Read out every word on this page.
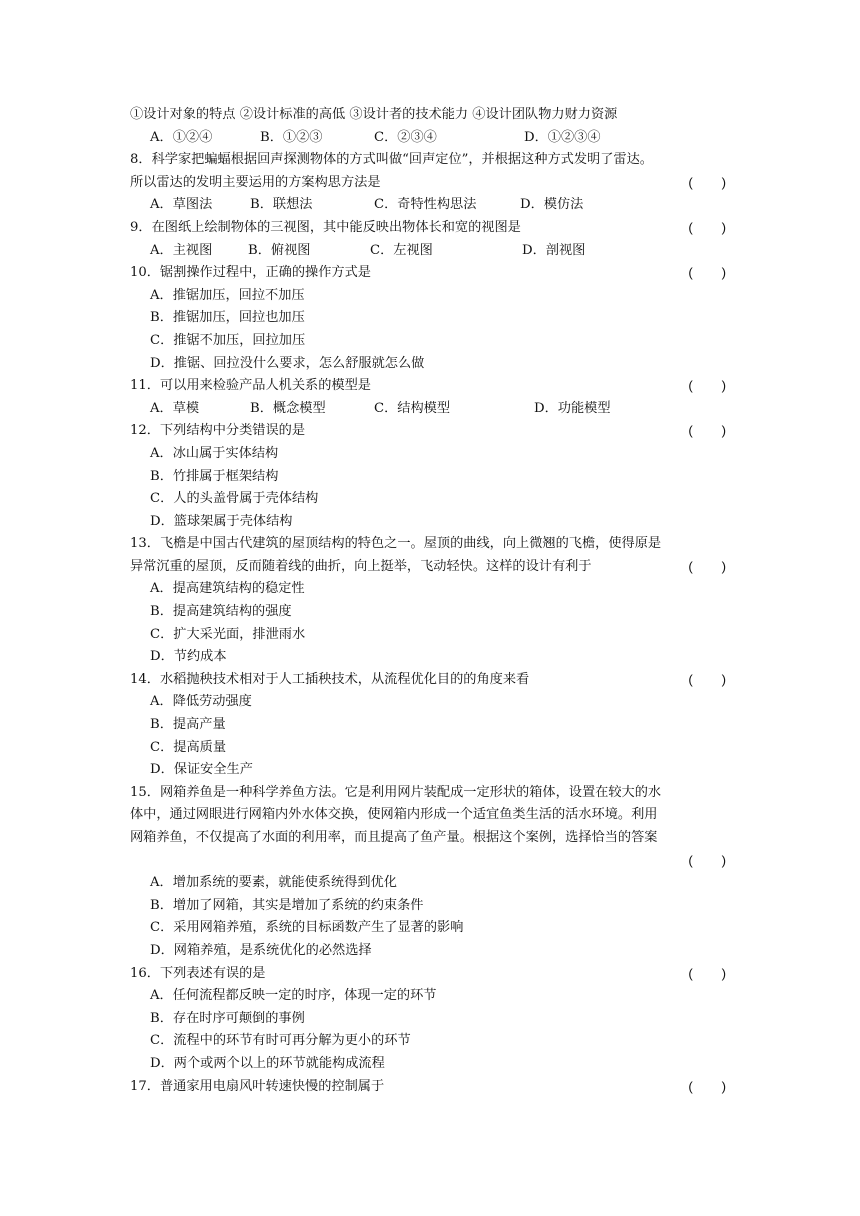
①设计对象的特点 ②设计标准的高低 ③设计者的技术能力 ④设计团队物力财力资源
A．①②④	B．①②③	C．②③④	D．①②③④
8．科学家把蝙蝠根据回声探测物体的方式叫做“回声定位”，并根据这种方式发明了雷达。
所以雷达的发明主要运用的方案构思方法是	(　 )
A．草图法	B．联想法	C．奇特性构思法	D．模仿法
9．在图纸上绘制物体的三视图，其中能反映出物体长和宽的视图是	(　 )
A．主视图	B．俯视图	C．左视图	D．剖视图
10．锯割操作过程中，正确的操作方式是	(　 )
A．推锯加压，回拉不加压
B．推锯加压，回拉也加压
C．推锯不加压，回拉加压
D．推锯、回拉没什么要求，怎么舒服就怎么做
11．可以用来检验产品人机关系的模型是	(　 )
A．草模	B．概念模型	C．结构模型	D．功能模型
12．下列结构中分类错误的是	(　 )
A．冰山属于实体结构
B．竹排属于框架结构
C．人的头盖骨属于壳体结构
D．篮球架属于壳体结构
13．飞檐是中国古代建筑的屋顶结构的特色之一。屋顶的曲线，向上微翘的飞檐，使得原是
异常沉重的屋顶，反而随着线的曲折，向上挺举，飞动轻快。这样的设计有利于	(　 )
A．提高建筑结构的稳定性
B．提高建筑结构的强度
C．扩大采光面，排泄雨水
D．节约成本
14．水稻抛秧技术相对于人工插秧技术，从流程优化目的的角度来看	(　 )
A．降低劳动强度
B．提高产量
C．提高质量
D．保证安全生产
15．网箱养鱼是一种科学养鱼方法。它是利用网片装配成一定形状的箱体，设置在较大的水
体中，通过网眼进行网箱内外水体交换，使网箱内形成一个适宜鱼类生活的活水环境。利用
网箱养鱼，不仅提高了水面的利用率，而且提高了鱼产量。根据这个案例，选择恰当的答案
(　 )
A．增加系统的要素，就能使系统得到优化
B．增加了网箱，其实是增加了系统的约束条件
C．采用网箱养殖，系统的目标函数产生了显著的影响
D．网箱养殖，是系统优化的必然选择
16．下列表述有误的是	(　 )
A．任何流程都反映一定的时序，体现一定的环节
B．存在时序可颠倒的事例
C．流程中的环节有时可再分解为更小的环节
D．两个或两个以上的环节就能构成流程
17．普通家用电扇风叶转速快慢的控制属于	(　 )
